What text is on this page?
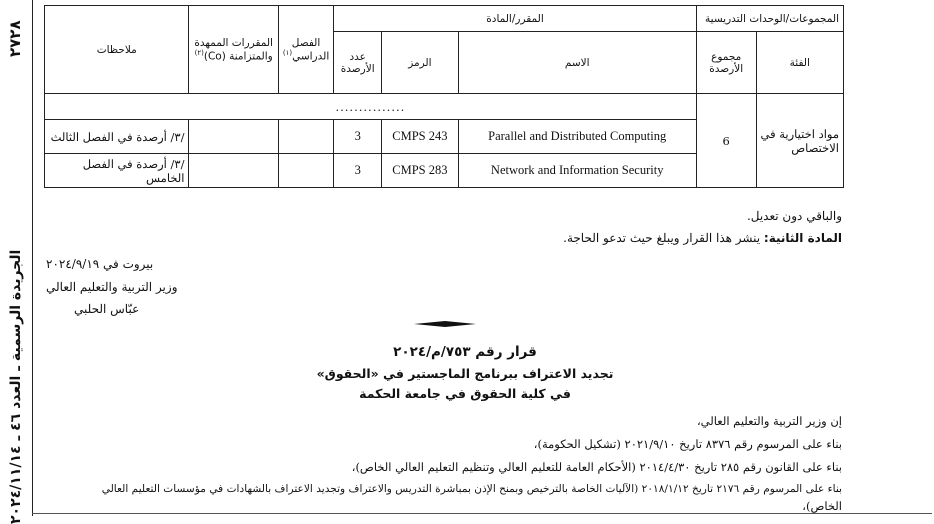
٢٧٢٨
الجريدة الرسمية ـ العدد ٤٦ ـ ٢٠٢٤/١١/١٤
المجموعات/الوحدات التدريسية		المقرر/المادة			الفصل الدراسي$^{(١)}$	المقررات الممهدة والمتزامنة $(Co)^{(٢)}$	ملاحظات
الفئة	مجموع الأرصدة	الاسم	الرمز	عدد الأرصدة			
مواد اختيارية في الاختصاص	6	...............					
		Parallel and Distributed Computing	CMPS 243	3			/٣/ أرصدة في الفصل الثالث
		Network and Information Security	CMPS 283	3			/٣/ أرصدة في الفصل الخامس
والباقي دون تعديل.
المادة الثانية: ينشر هذا القرار ويبلغ حيث تدعو الحاجة.
بيروت في ٢٠٢٤/٩/١٩
وزير التربية والتعليم العالي
عبّاس الحلبي
قرار رقم ٧٥٣/م/٢٠٢٤
تجديد الاعتراف ببرنامج الماجستير في «الحقوق»
في كلية الحقوق في جامعة الحكمة
إن وزير التربية والتعليم العالي،
بناء على المرسوم رقم ٨٣٧٦ تاريخ ٢٠٢١/٩/١٠ (تشكيل الحكومة)،
بناء على القانون رقم ٢٨٥ تاريخ ٢٠١٤/٤/٣٠ (الأحكام العامة للتعليم العالي وتنظيم التعليم العالي الخاص)،
بناء على المرسوم رقم ٢١٧٦ تاريخ ٢٠١٨/١/١٢ (الآليات الخاصة بالترخيص وبمنح الإذن بمباشرة التدريس والاعتراف وتجديد الاعتراف بالشهادات في مؤسسات التعليم العالي
الخاص)،
